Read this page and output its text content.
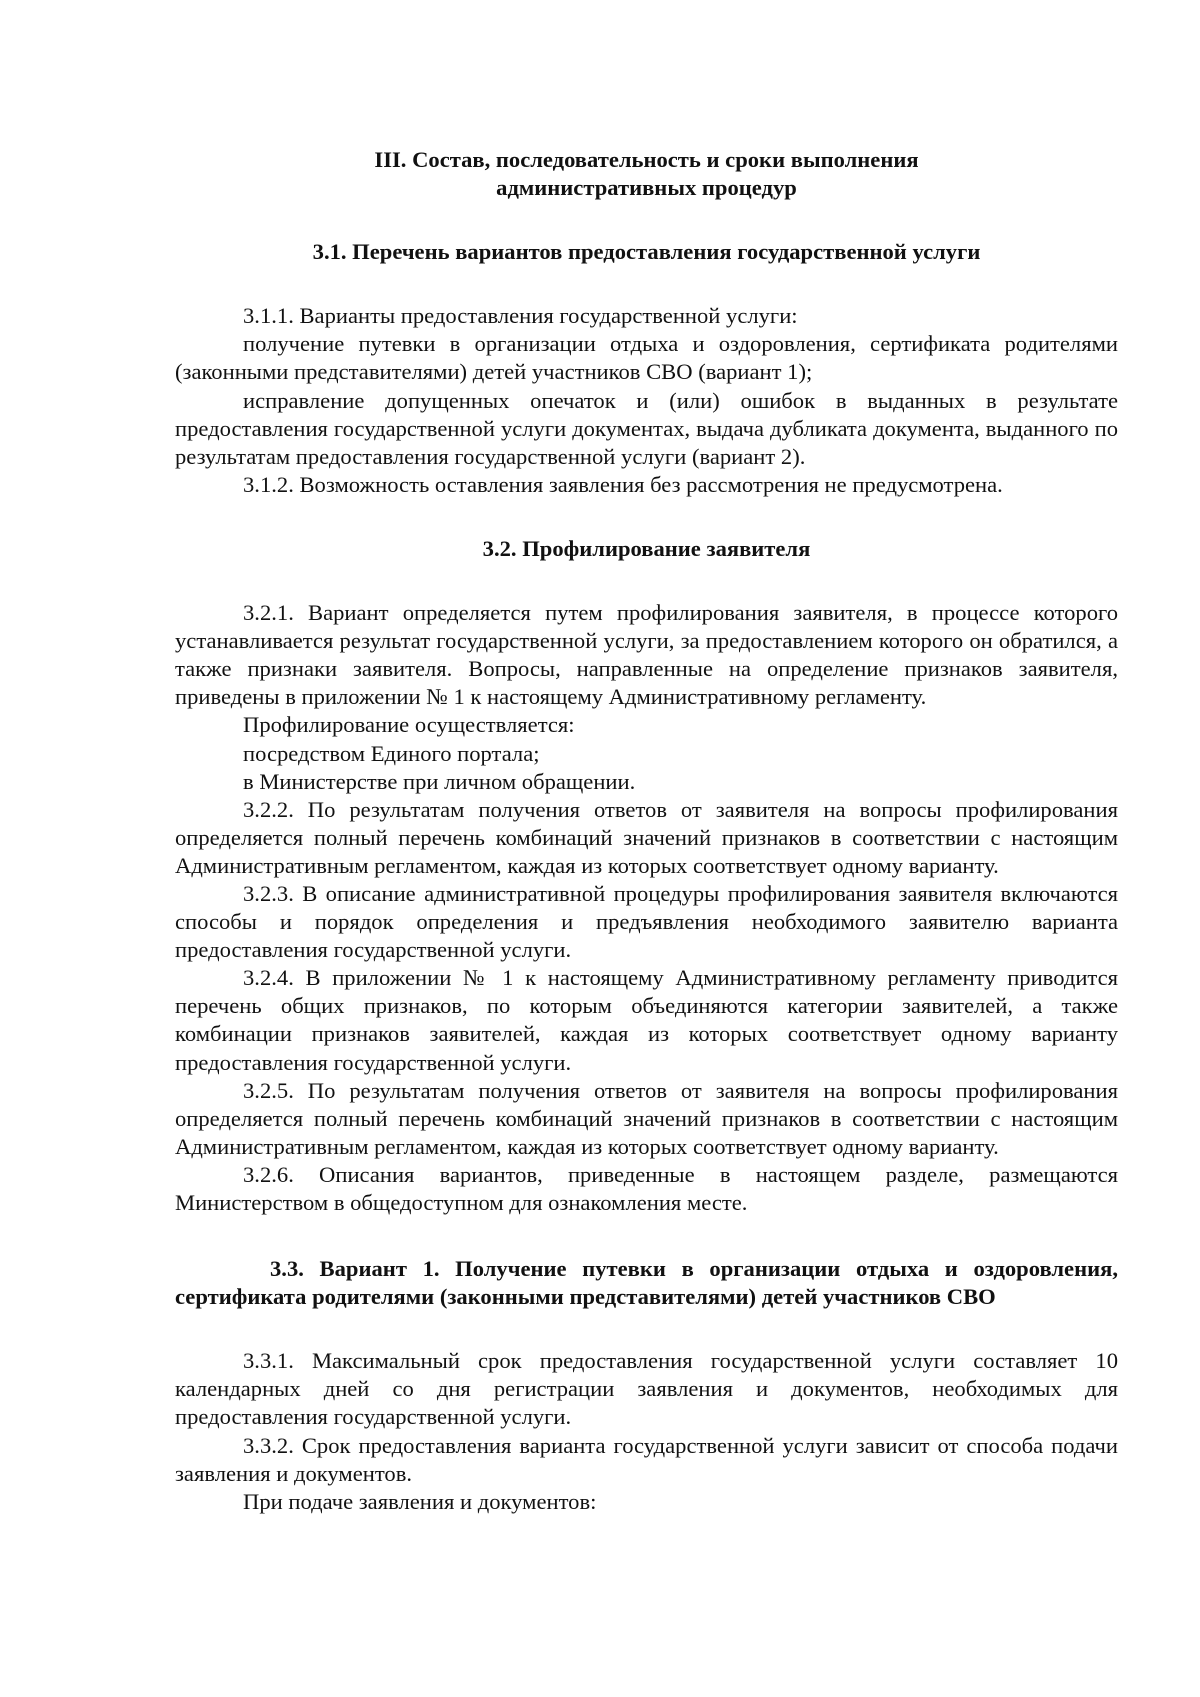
III. Состав, последовательность и сроки выполнения
административных процедур

3.1. Перечень вариантов предоставления государственной услуги

3.1.1. Варианты предоставления государственной услуги:

получение путевки в организации отдыха и оздоровления, сертификата родителями (законными представителями) детей участников СВО (вариант 1);

исправление допущенных опечаток и (или) ошибок в выданных в результате предоставления государственной услуги документах, выдача дубликата документа, выданного по результатам предоставления государственной услуги (вариант 2).

3.1.2. Возможность оставления заявления без рассмотрения не предусмотрена.

3.2. Профилирование заявителя

3.2.1. Вариант определяется путем профилирования заявителя, в процессе которого устанавливается результат государственной услуги, за предоставлением которого он обратился, а также признаки заявителя. Вопросы, направленные на определение признаков заявителя, приведены в приложении № 1 к настоящему Административному регламенту.

Профилирование осуществляется:

посредством Единого портала;

в Министерстве при личном обращении.

3.2.2. По результатам получения ответов от заявителя на вопросы профилирования определяется полный перечень комбинаций значений признаков в соответствии с настоящим Административным регламентом, каждая из которых соответствует одному варианту.

3.2.3. В описание административной процедуры профилирования заявителя включаются способы и порядок определения и предъявления необходимого заявителю варианта предоставления государственной услуги.

3.2.4. В приложении № 1 к настоящему Административному регламенту приводится перечень общих признаков, по которым объединяются категории заявителей, а также комбинации признаков заявителей, каждая из которых соответствует одному варианту предоставления государственной услуги.

3.2.5. По результатам получения ответов от заявителя на вопросы профилирования определяется полный перечень комбинаций значений признаков в соответствии с настоящим Административным регламентом, каждая из которых соответствует одному варианту.

3.2.6. Описания вариантов, приведенные в настоящем разделе, размещаются Министерством в общедоступном для ознакомления месте.

3.3. Вариант 1. Получение путевки в организации отдыха и оздоровления, сертификата родителями (законными представителями) детей участников СВО

3.3.1. Максимальный срок предоставления государственной услуги составляет 10 календарных дней со дня регистрации заявления и документов, необходимых для предоставления государственной услуги.

3.3.2. Срок предоставления варианта государственной услуги зависит от способа подачи заявления и документов.

При подаче заявления и документов:
